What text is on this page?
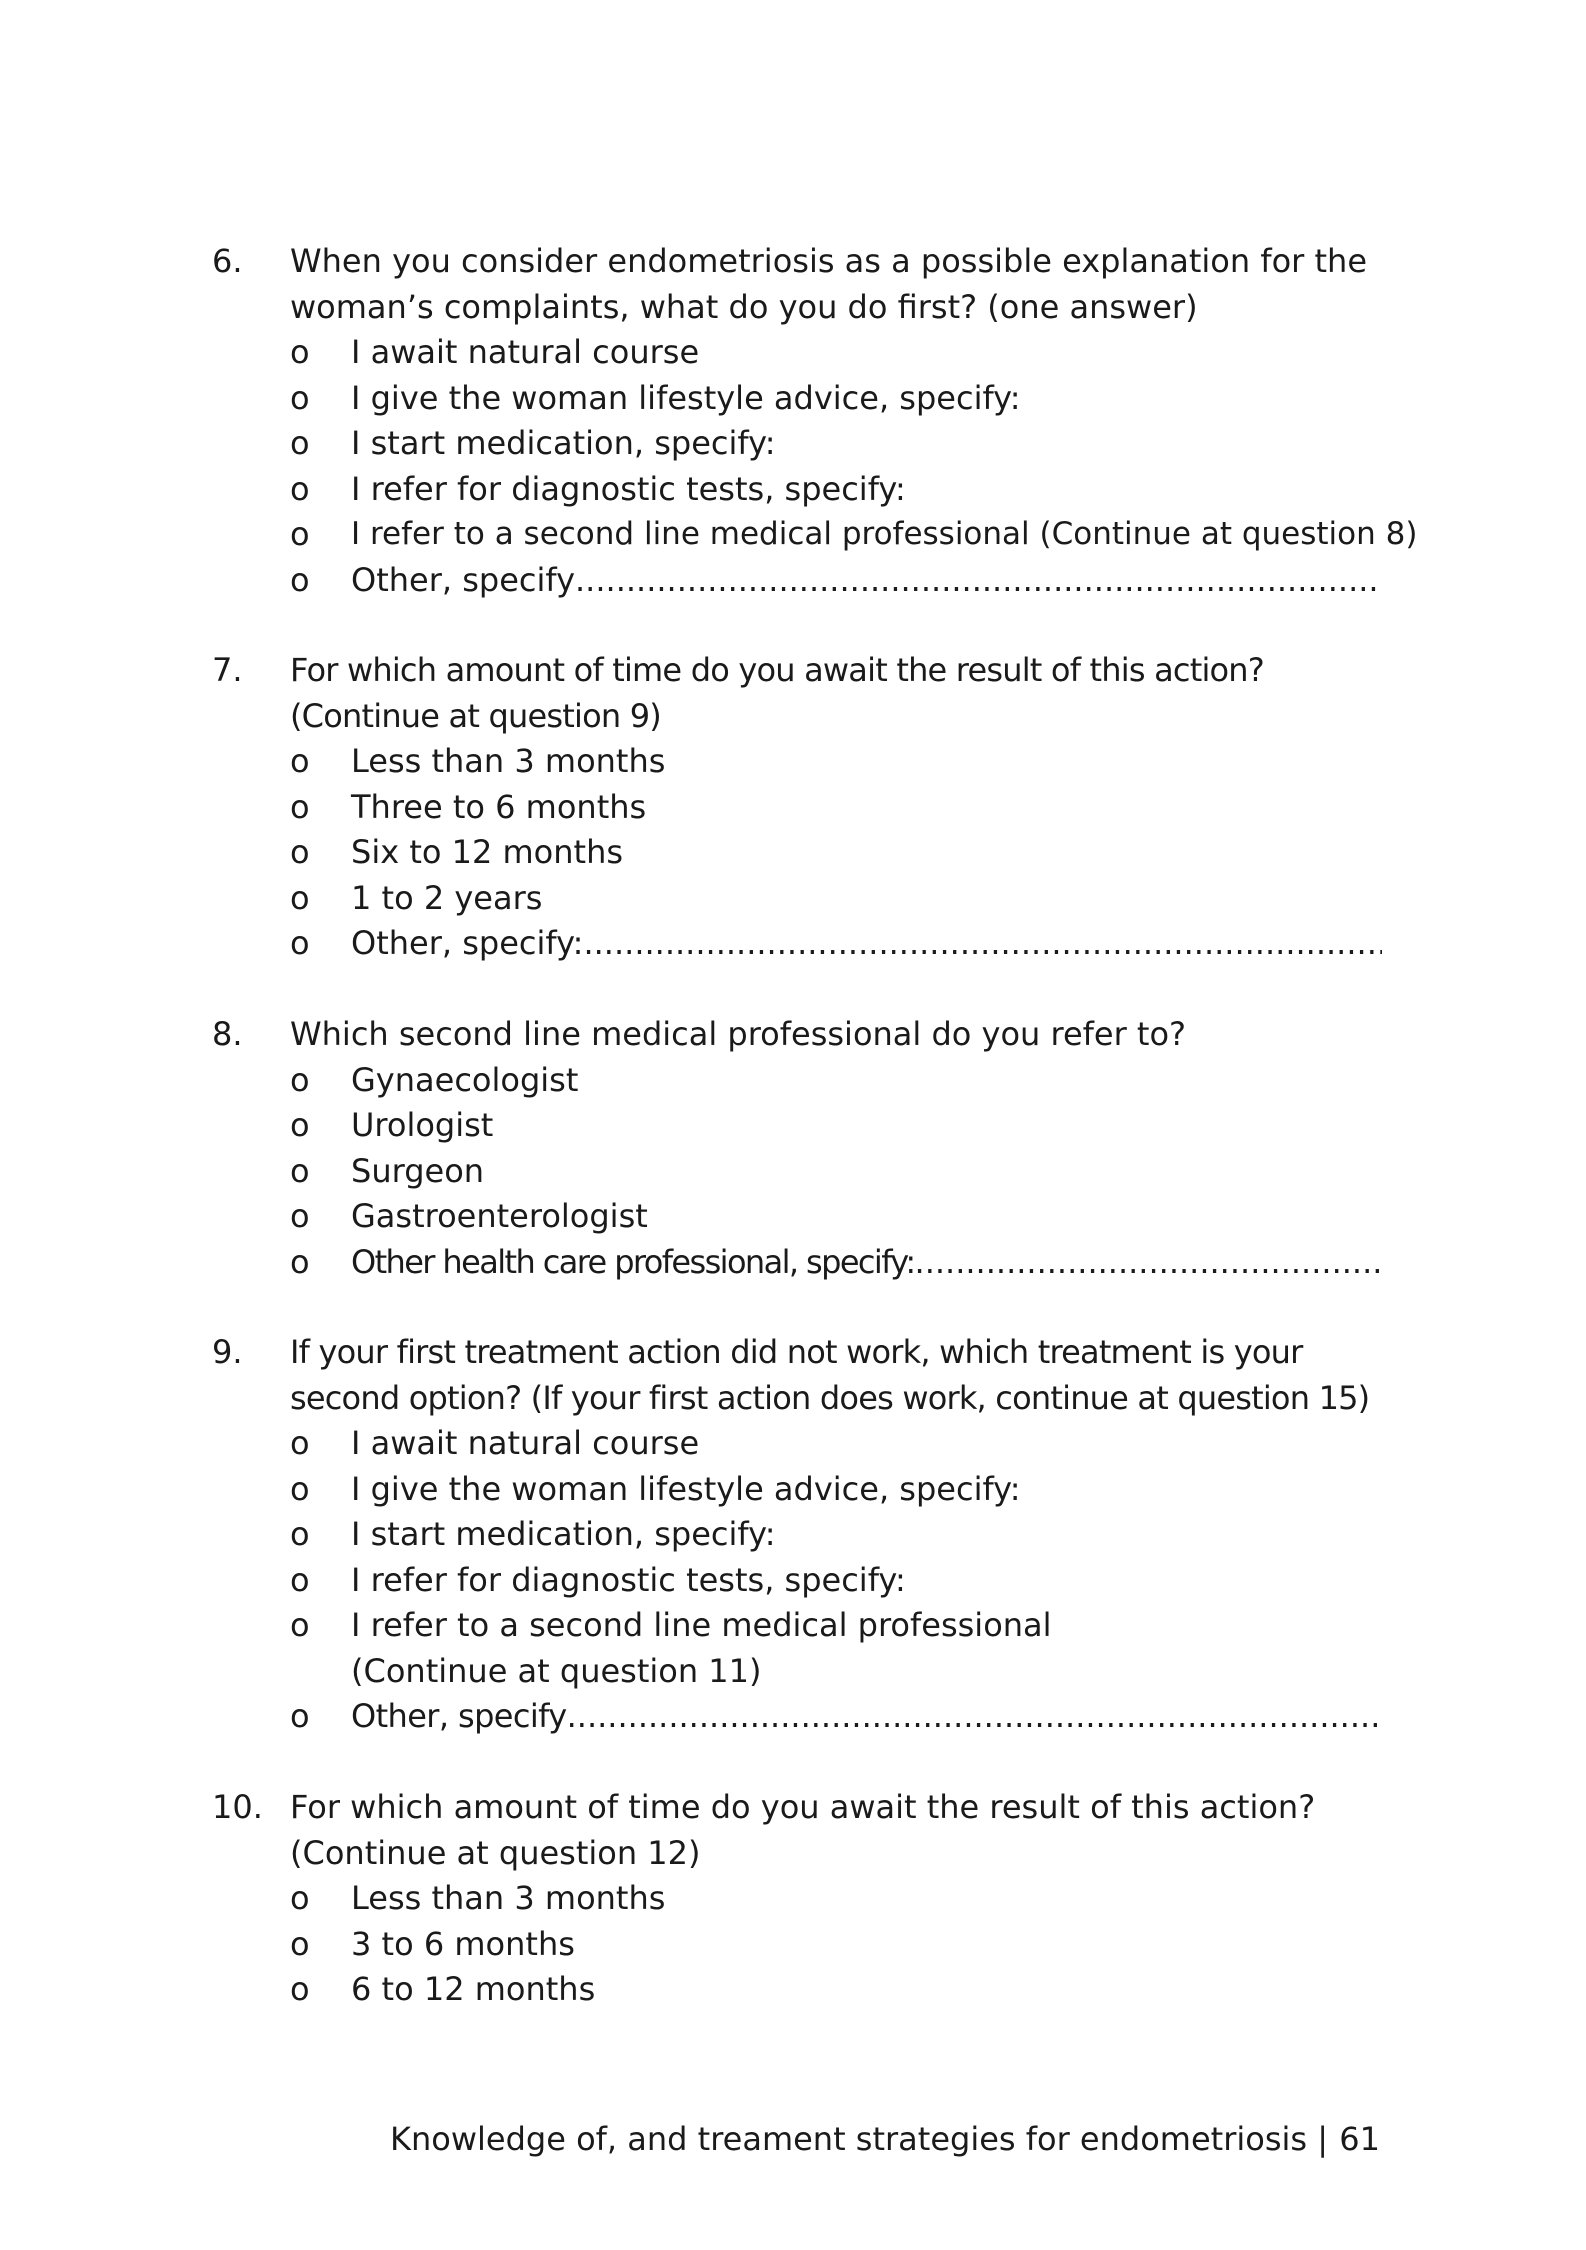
6.	When you consider endometriosis as a possible explanation for the woman’s complaints, what do you do first? (one answer)
o	I await natural course
o	I give the woman lifestyle advice, specify:
o	I start medication, specify:
o	I refer for diagnostic tests, specify:
o	I refer to a second line medical professional (Continue at question 8)
o	Other, specify
.....
7.	For which amount of time do you await the result of this action? (Continue at question 9)
o	Less than 3 months
o	Three to 6 months
o	Six to 12 months
o	1 to 2 years
o	Other, specify:
.....
8.	Which second line medical professional do you refer to?
o	Gynaecologist
o	Urologist
o	Surgeon
o	Gastroenterologist
o	Other health care professional, specify:
.....
9.	If your first treatment action did not work, which treatment is your second option? (If your first action does work, continue at question 15)
o	I await natural course
o	I give the woman lifestyle advice, specify:
o	I start medication, specify:
o	I refer for diagnostic tests, specify:
o	I refer to a second line medical professional
(Continue at question 11)
o	Other, specify
.....
10. For which amount of time do you await the result of this action? (Continue at question 12)
o	Less than 3 months
o	3 to 6 months
o	6 to 12 months
Knowledge of, and treament strategies for endometriosis | 61
